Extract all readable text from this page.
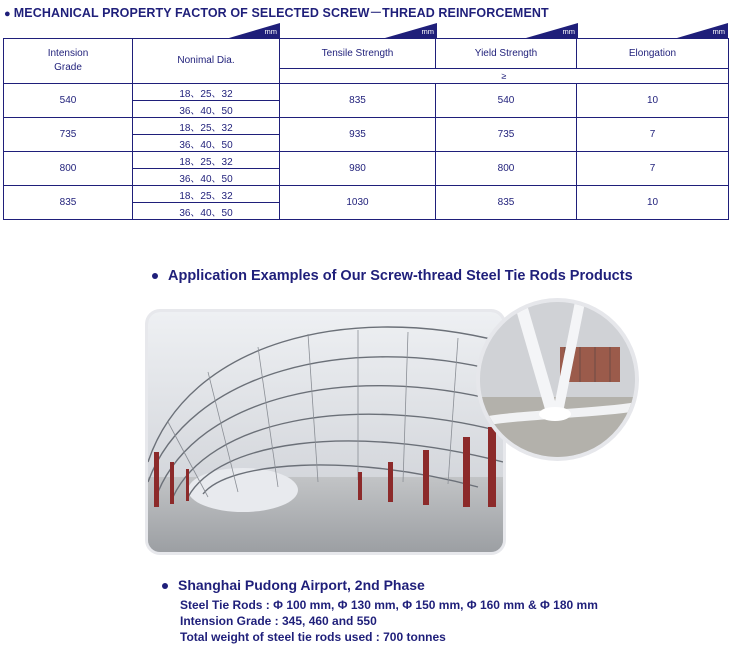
● MECHANICAL PROPERTY FACTOR OF SELECTED SCREW－THREAD REINFORCEMENT
mm	mm	mm	mm
Intension
Grade	Nonimal Dia.	Tensile Strength	Yield Strength	Elongation
		≥		
540	18、25、32	835	540	10
	36、40、50			
735	18、25、32	935	735	7
	36、40、50			
800	18、25、32	980	800	7
	36、40、50			
835	18、25、32	1030	835	10
	36、40、50			
Application Examples of Our Screw-thread Steel Tie Rods Products
Shanghai Pudong Airport, 2nd Phase
Steel Tie Rods : Φ 100 mm, Φ 130 mm, Φ 150 mm, Φ 160 mm & Φ 180 mm
Intension Grade : 345, 460 and 550
Total weight of steel tie rods used : 700 tonnes
